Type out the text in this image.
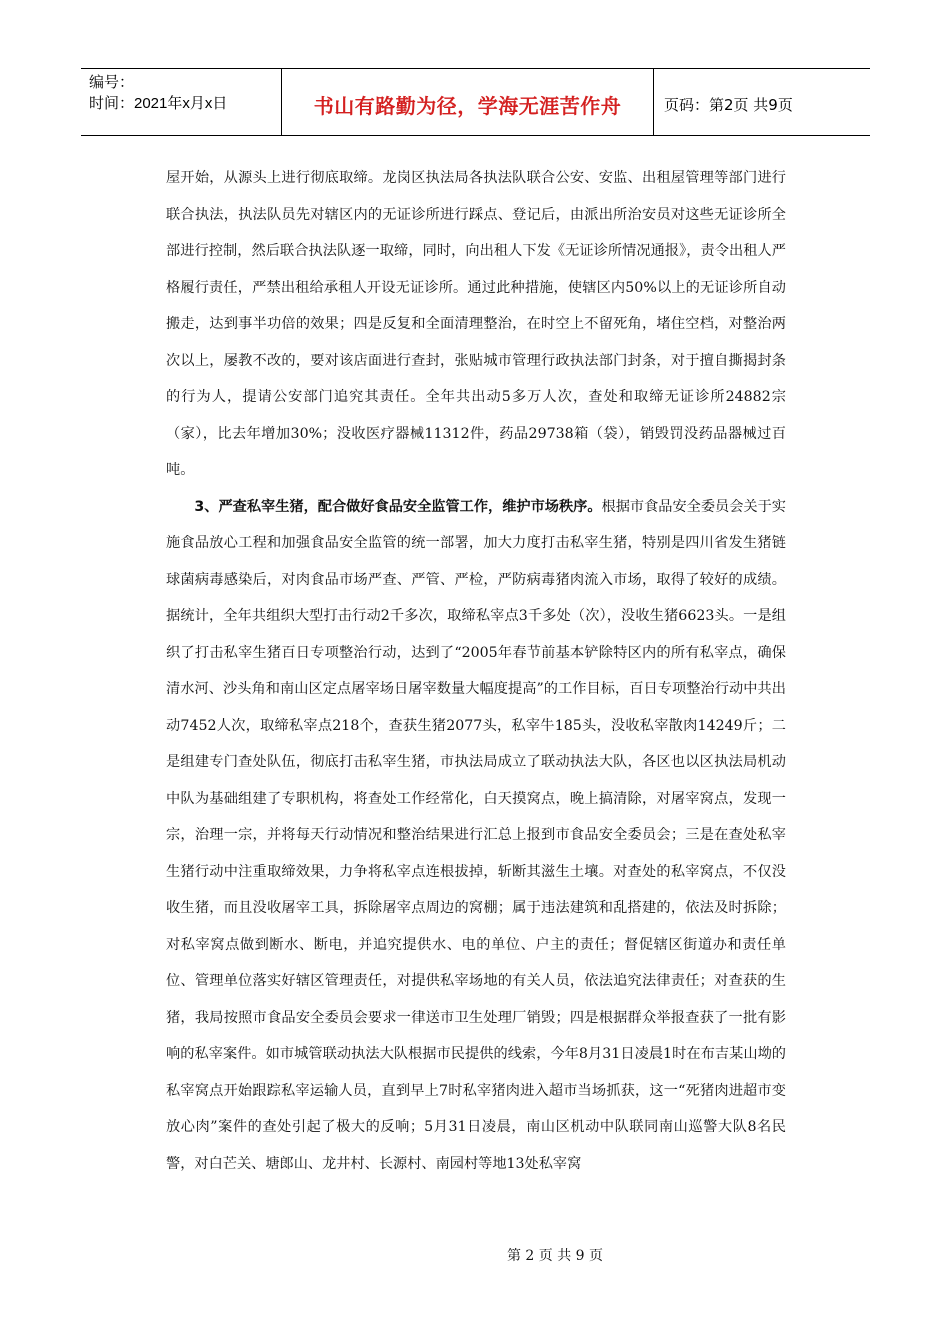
编号：
时间：2021年x月x日	书山有路勤为径，学海无涯苦作舟	页码：第2页 共9页

屋开始，从源头上进行彻底取缔。龙岗区执法局各执法队联合公安、安监、出租屋管理等部门进行联合执法，执法队员先对辖区内的无证诊所进行踩点、登记后，由派出所治安员对这些无证诊所全部进行控制，然后联合执法队逐一取缔，同时，向出租人下发《无证诊所情况通报》，责令出租人严格履行责任，严禁出租给承租人开设无证诊所。通过此种措施，使辖区内50%以上的无证诊所自动搬走，达到事半功倍的效果；四是反复和全面清理整治，在时空上不留死角，堵住空档，对整治两次以上，屡教不改的，要对该店面进行查封，张贴城市管理行政执法部门封条，对于擅自撕揭封条的行为人，提请公安部门追究其责任。全年共出动5多万人次，查处和取缔无证诊所24882宗（家），比去年增加30%；没收医疗器械11312件，药品29738箱（袋），销毁罚没药品器械过百吨。

3、严查私宰生猪，配合做好食品安全监管工作，维护市场秩序。根据市食品安全委员会关于实施食品放心工程和加强食品安全监管的统一部署，加大力度打击私宰生猪，特别是四川省发生猪链球菌病毒感染后，对肉食品市场严查、严管、严检，严防病毒猪肉流入市场，取得了较好的成绩。据统计，全年共组织大型打击行动2千多次，取缔私宰点3千多处（次），没收生猪6623头。一是组织了打击私宰生猪百日专项整治行动，达到了“2005年春节前基本铲除特区内的所有私宰点，确保清水河、沙头角和南山区定点屠宰场日屠宰数量大幅度提高”的工作目标，百日专项整治行动中共出动7452人次，取缔私宰点218个，查获生猪2077头，私宰牛185头，没收私宰散肉14249斤；二是组建专门查处队伍，彻底打击私宰生猪，市执法局成立了联动执法大队，各区也以区执法局机动中队为基础组建了专职机构，将查处工作经常化，白天摸窝点，晚上搞清除，对屠宰窝点，发现一宗，治理一宗，并将每天行动情况和整治结果进行汇总上报到市食品安全委员会；三是在查处私宰生猪行动中注重取缔效果，力争将私宰点连根拔掉，斩断其滋生土壤。对查处的私宰窝点，不仅没收生猪，而且没收屠宰工具，拆除屠宰点周边的窝棚；属于违法建筑和乱搭建的，依法及时拆除；对私宰窝点做到断水、断电，并追究提供水、电的单位、户主的责任；督促辖区街道办和责任单位、管理单位落实好辖区管理责任，对提供私宰场地的有关人员，依法追究法律责任；对查获的生猪，我局按照市食品安全委员会要求一律送市卫生处理厂销毁；四是根据群众举报查获了一批有影响的私宰案件。如市城管联动执法大队根据市民提供的线索，今年8月31日凌晨1时在布吉某山坳的私宰窝点开始跟踪私宰运输人员，直到早上7时私宰猪肉进入超市当场抓获，这一“死猪肉进超市变放心肉”案件的查处引起了极大的反响；5月31日凌晨，南山区机动中队联同南山巡警大队8名民警，对白芒关、塘郎山、龙井村、长源村、南园村等地13处私宰窝

第 2 页 共 9 页
